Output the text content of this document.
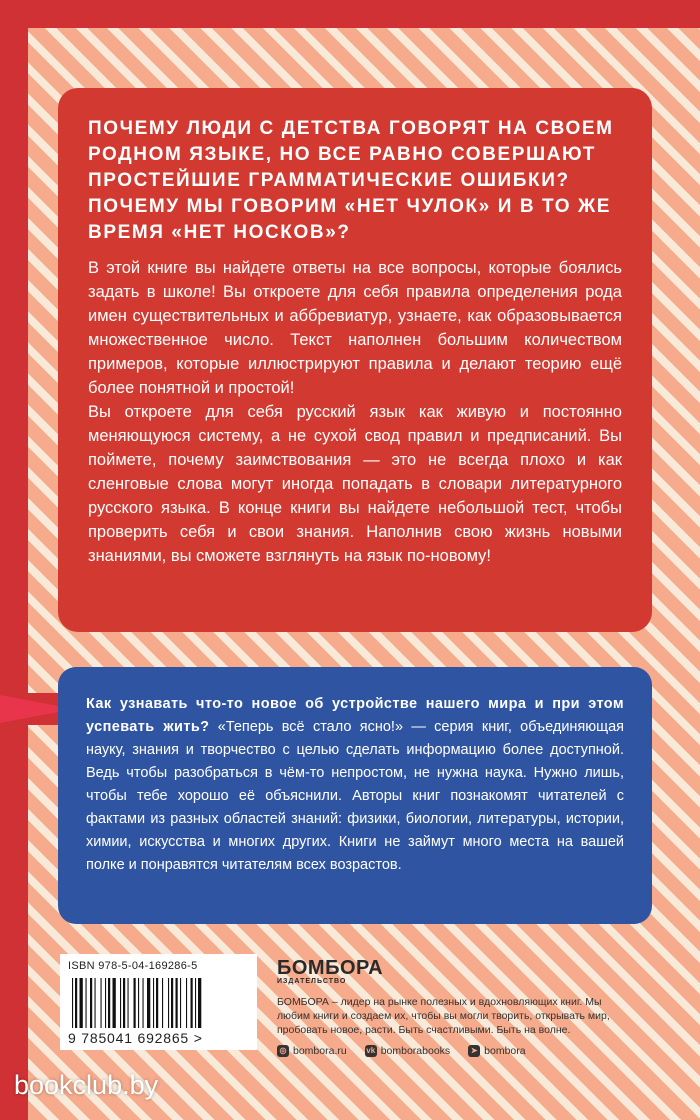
ПОЧЕМУ ЛЮДИ С ДЕТСТВА ГОВОРЯТ НА СВОЕМ РОДНОМ ЯЗЫКЕ, НО ВСЕ РАВНО СОВЕРШАЮТ ПРОСТЕЙШИЕ ГРАММАТИЧЕСКИЕ ОШИБКИ? ПОЧЕМУ МЫ ГОВОРИМ «НЕТ ЧУЛОК» И В ТО ЖЕ ВРЕМЯ «НЕТ НОСКОВ»?

В этой книге вы найдете ответы на все вопросы, которые боялись задать в школе! Вы откроете для себя правила определения рода имен существительных и аббревиатур, узнаете, как образовывается множественное число. Текст наполнен большим количеством примеров, которые иллюстрируют правила и делают теорию ещё более понятной и простой!

Вы откроете для себя русский язык как живую и постоянно меняющуюся систему, а не сухой свод правил и предписаний. Вы поймете, почему заимствования — это не всегда плохо и как сленговые слова могут иногда попадать в словари литературного русского языка. В конце книги вы найдете небольшой тест, чтобы проверить себя и свои знания. Наполнив свою жизнь новыми знаниями, вы сможете взглянуть на язык по-новому!

Как узнавать что-то новое об устройстве нашего мира и при этом успевать жить? «Теперь всё стало ясно!» — серия книг, объединяющая науку, знания и творчество с целью сделать информацию более доступной. Ведь чтобы разобраться в чём-то непростом, не нужна наука. Нужно лишь, чтобы тебе хорошо её объяснили. Авторы книг познакомят читателей с фактами из разных областей знаний: физики, биологии, литературы, истории, химии, искусства и многих других. Книги не займут много места на вашей полке и понравятся читателям всех возрастов.
ISBN 978-5-04-169286-5
9 785041 692865 >
БОМБОРА
ИЗДАТЕЛЬСТВО
БОМБОРА – лидер на рынке полезных и вдохновляющих книг. Мы любим книги и создаем их, чтобы вы могли творить, открывать мир, пробовать новое, расти. Быть счастливыми. Быть на волне.
◎ bombora.ru vk bomborabooks	➤ bombora
bookclub.by
